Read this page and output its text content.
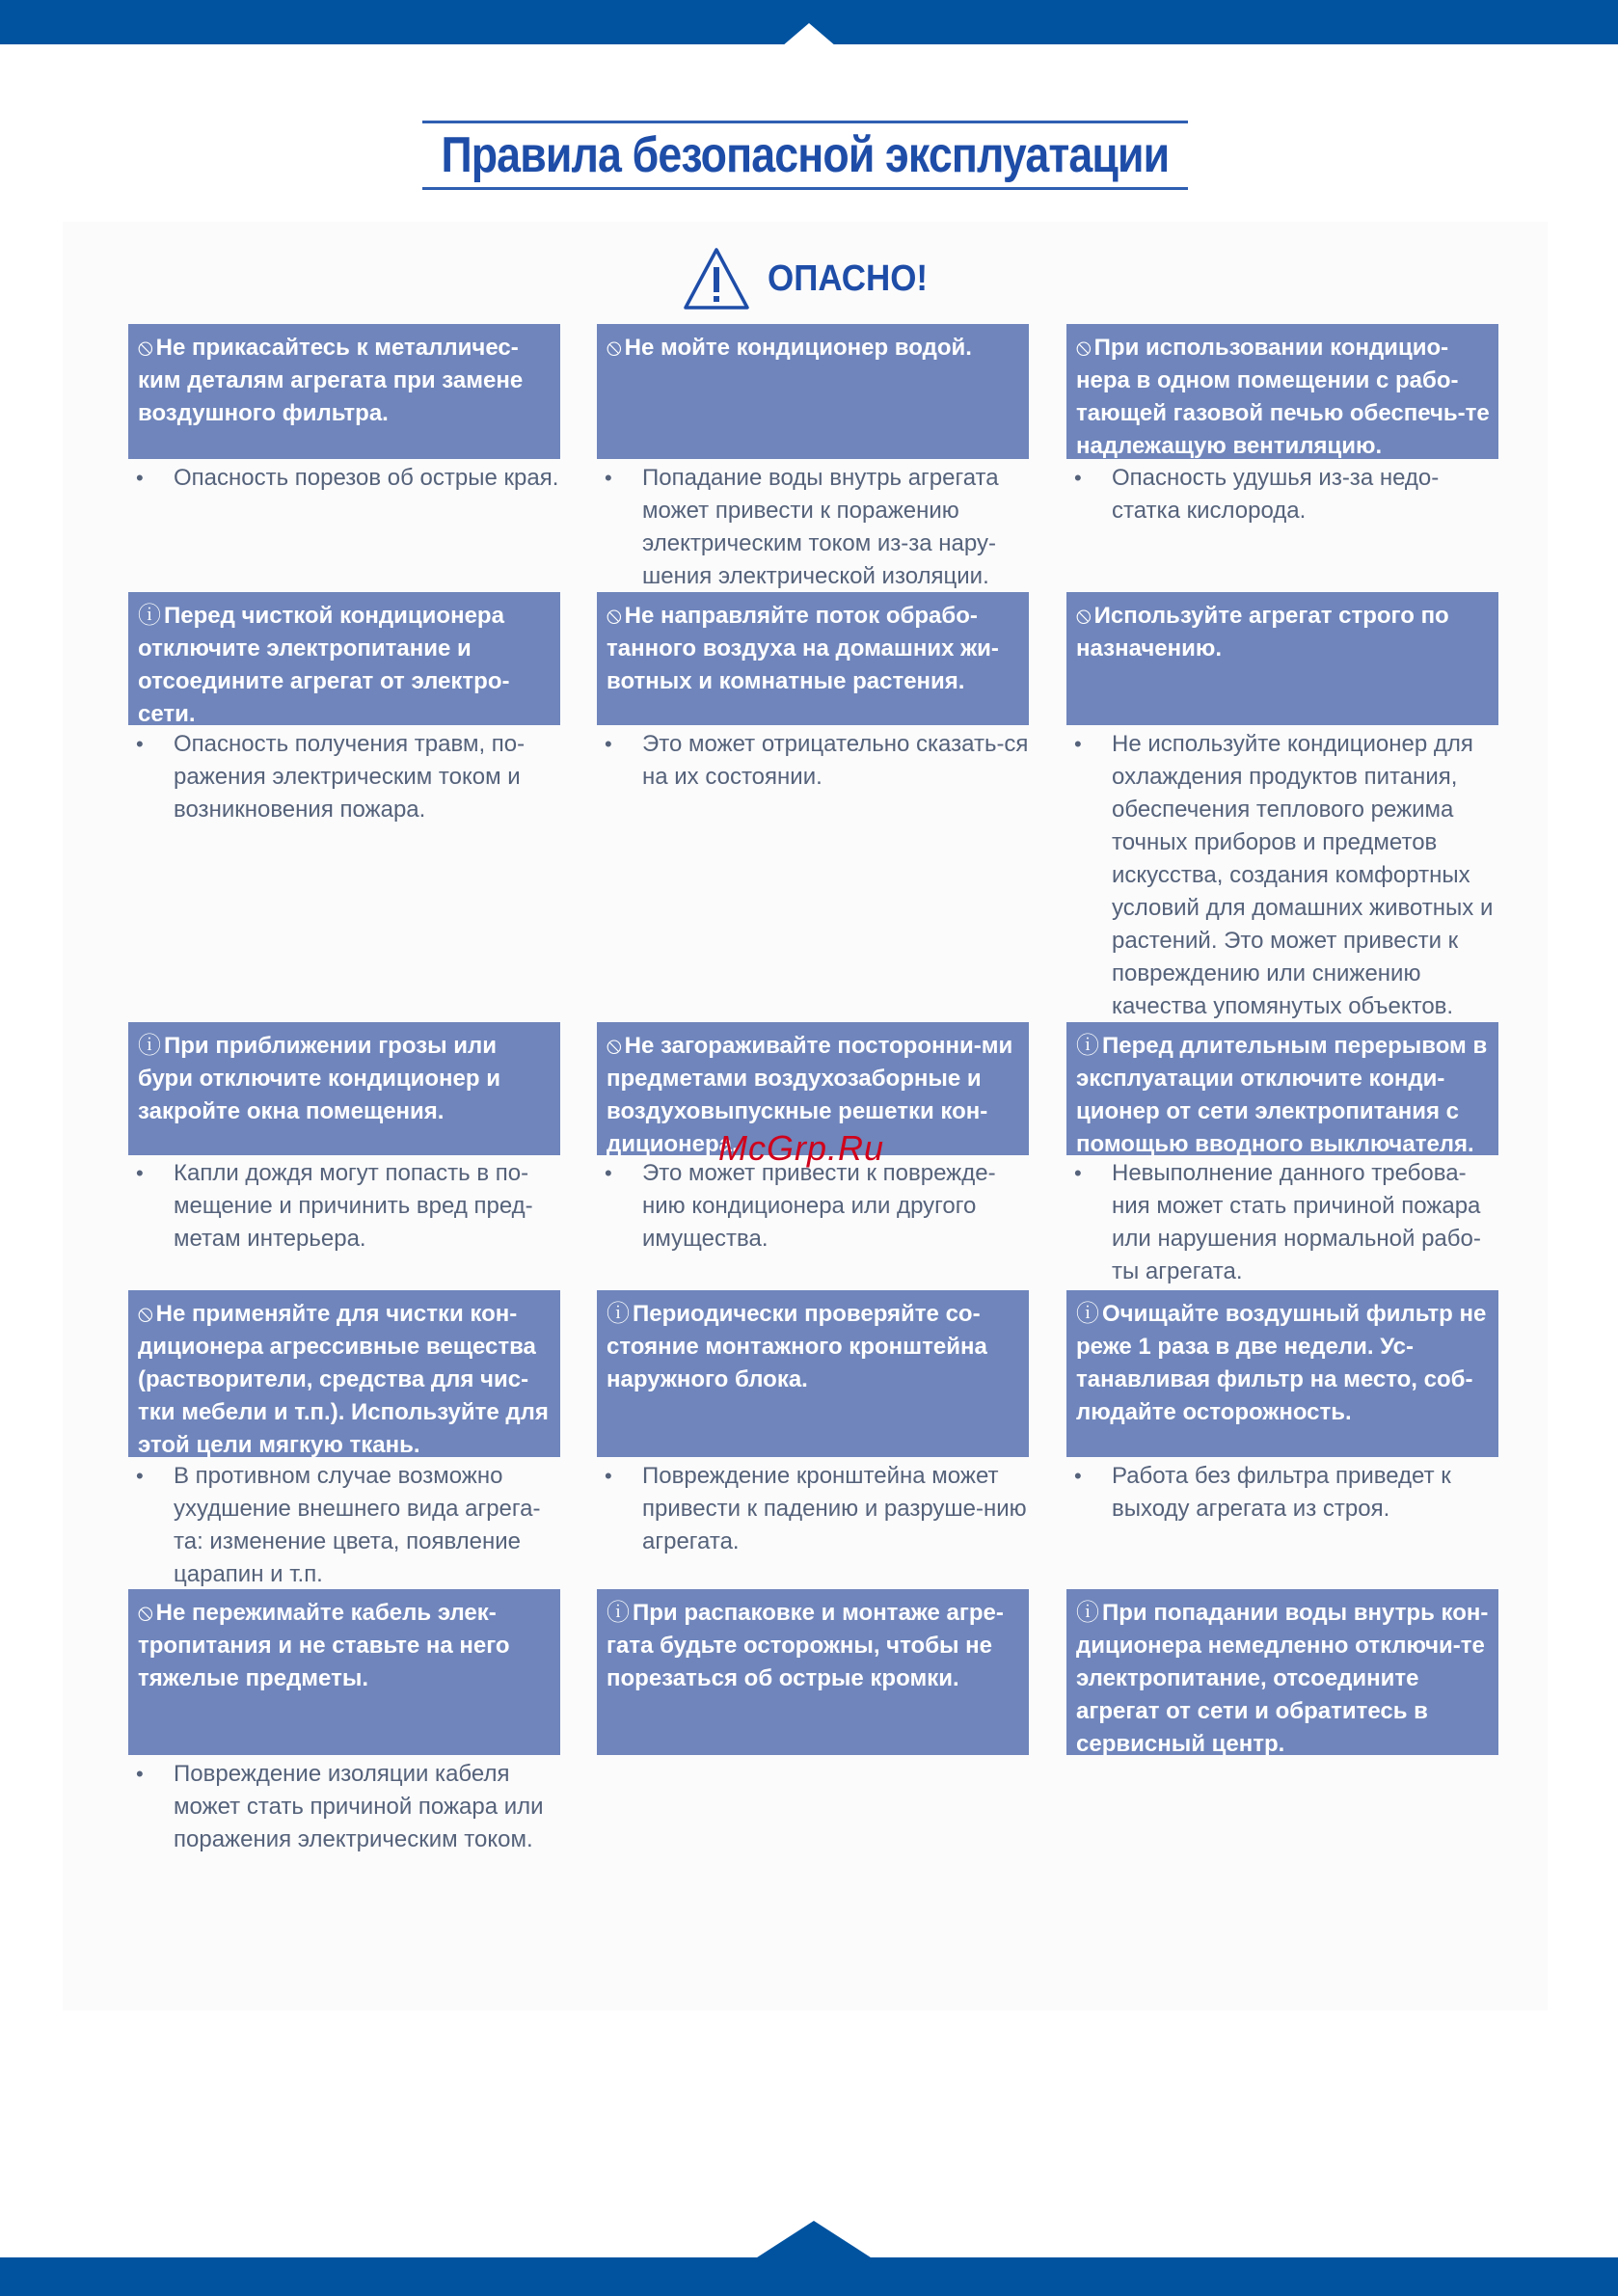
Правила безопасной эксплуатации
ОПАСНО!
⦸ Не прикасайтесь к металличес-ким деталям агрегата при замене воздушного фильтра.
• Опасность порезов об острые края.
⦸ Не мойте кондиционер водой.
• Попадание воды внутрь агрегата может привести к поражению электрическим током из-за нару-шения электрической изоляции.
⦸ При использовании кондицио-нера в одном помещении с рабо-тающей газовой печью обеспечь-те надлежащую вентиляцию.
• Опасность удушья из-за недо-статка кислорода.
ⓘ Перед чисткой кондиционера отключите электропитание и отсоедините агрегат от электро-сети.
• Опасность получения травм, по-ражения электрическим током и возникновения пожара.
⦸ Не направляйте поток обрабо-танного воздуха на домашних жи-вотных и комнатные растения.
• Это может отрицательно сказать-ся на их состоянии.
⦸ Используйте агрегат строго по назначению.
• Не используйте кондиционер для охлаждения продуктов питания, обеспечения теплового режима точных приборов и предметов искусства, создания комфортных условий для домашних животных и растений. Это может привести к повреждению или снижению качества упомянутых объектов.
ⓘ При приближении грозы или бури отключите кондиционер и закройте окна помещения.
• Капли дождя могут попасть в по-мещение и причинить вред пред-метам интерьера.
⦸ Не загораживайте посторонни-ми предметами воздухозаборные и воздуховыпускные решетки кон-диционера.
• Это может привести к поврежде-нию кондиционера или другого имущества.
ⓘ Перед длительным перерывом в эксплуатации отключите конди-ционер от сети электропитания с помощью вводного выключателя.
• Невыполнение данного требова-ния может стать причиной пожара или нарушения нормальной рабо-ты агрегата.
⦸ Не применяйте для чистки кон-диционера агрессивные вещества (растворители, средства для чис-тки мебели и т.п.). Используйте для этой цели мягкую ткань.
• В противном случае возможно ухудшение внешнего вида агрега-та: изменение цвета, появление царапин и т.п.
ⓘ Периодически проверяйте со-стояние монтажного кронштейна наружного блока.
• Повреждение кронштейна может привести к падению и разруше-нию агрегата.
ⓘ Очищайте воздушный фильтр не реже 1 раза в две недели. Ус-танавливая фильтр на место, соб-людайте осторожность.
• Работа без фильтра приведет к выходу агрегата из строя.
⦸ Не пережимайте кабель элек-тропитания и не ставьте на него тяжелые предметы.
• Повреждение изоляции кабеля может стать причиной пожара или поражения электрическим током.
ⓘ При распаковке и монтаже агре-гата будьте осторожны, чтобы не порезаться об острые кромки.
ⓘ При попадании воды внутрь кон-диционера немедленно отключи-те электропитание, отсоедините агрегат от сети и обратитесь в сервисный центр.
McGrp.Ru
